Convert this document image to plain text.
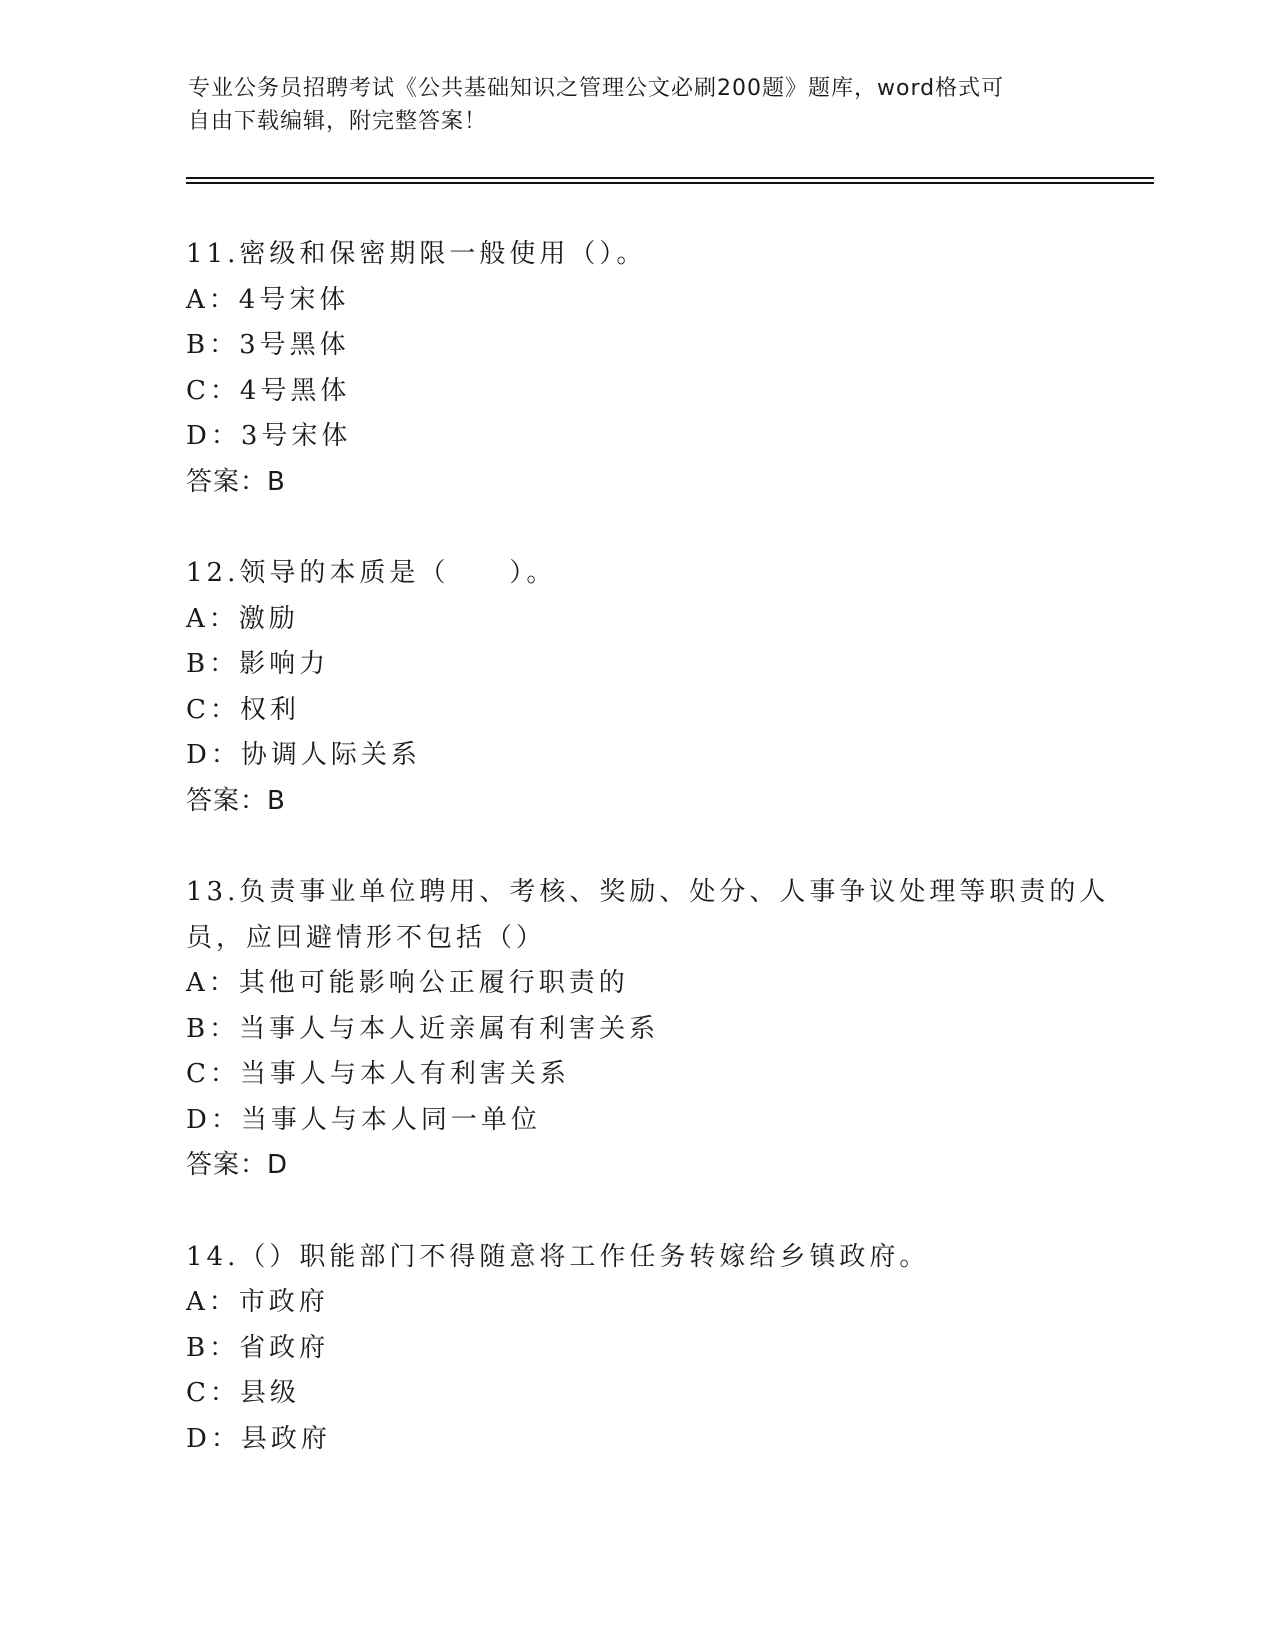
专业公务员招聘考试《公共基础知识之管理公文必刷200题》题库，word格式可
自由下载编辑，附完整答案！
11.密级和保密期限一般使用（）。
A：4号宋体
B：3号黑体
C：4号黑体
D：3号宋体
答案：B
12.领导的本质是（　　）。
A：激励
B：影响力
C：权利
D：协调人际关系
答案：B
13.负责事业单位聘用、考核、奖励、处分、人事争议处理等职责的人
员，应回避情形不包括（）
A：其他可能影响公正履行职责的
B：当事人与本人近亲属有利害关系
C：当事人与本人有利害关系
D：当事人与本人同一单位
答案：D
14.（）职能部门不得随意将工作任务转嫁给乡镇政府。
A：市政府
B：省政府
C：县级
D：县政府
